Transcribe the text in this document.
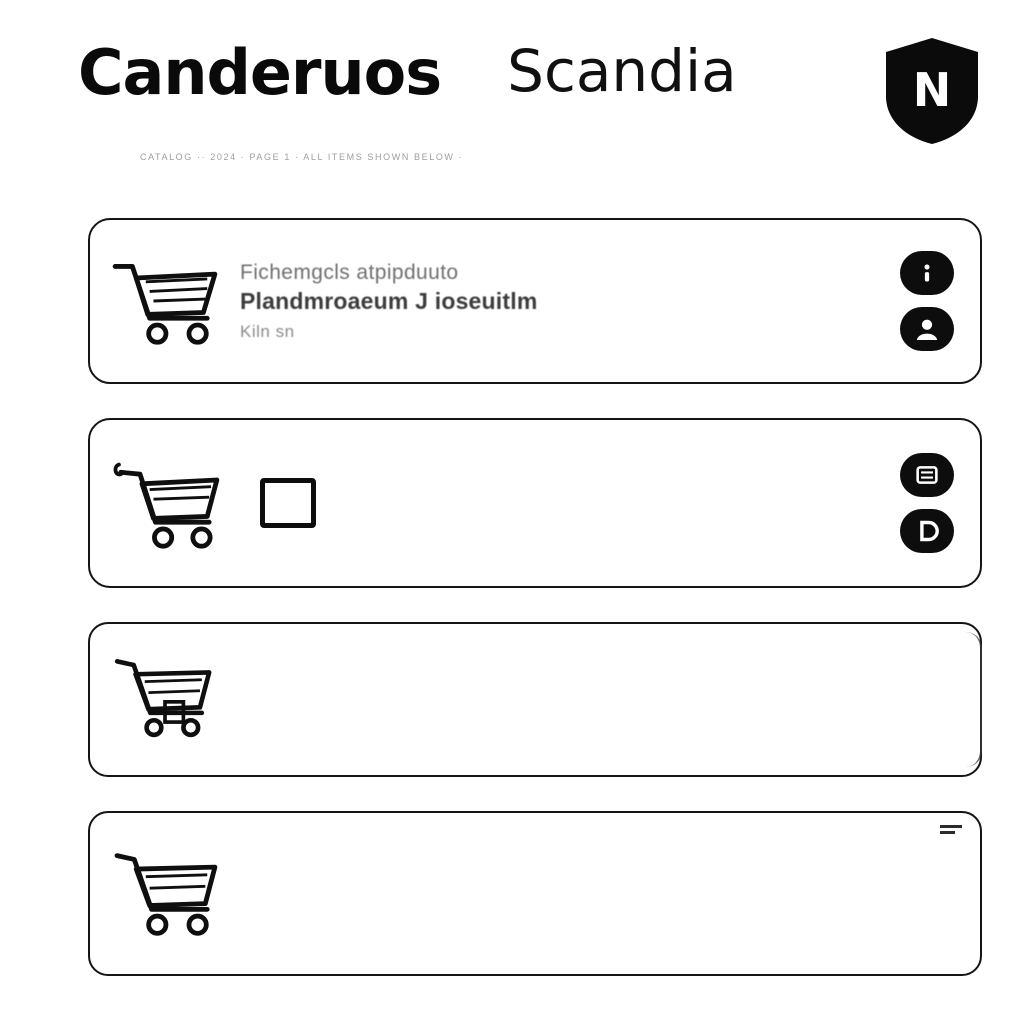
Canderuos Scandia	N
CATALOG ·· 2024 · PAGE 1 · ALL ITEMS SHOWN BELOW ·
Fichemgcls atpipduuto
Plandmroaeum J ioseuitlm
Kiln sn
